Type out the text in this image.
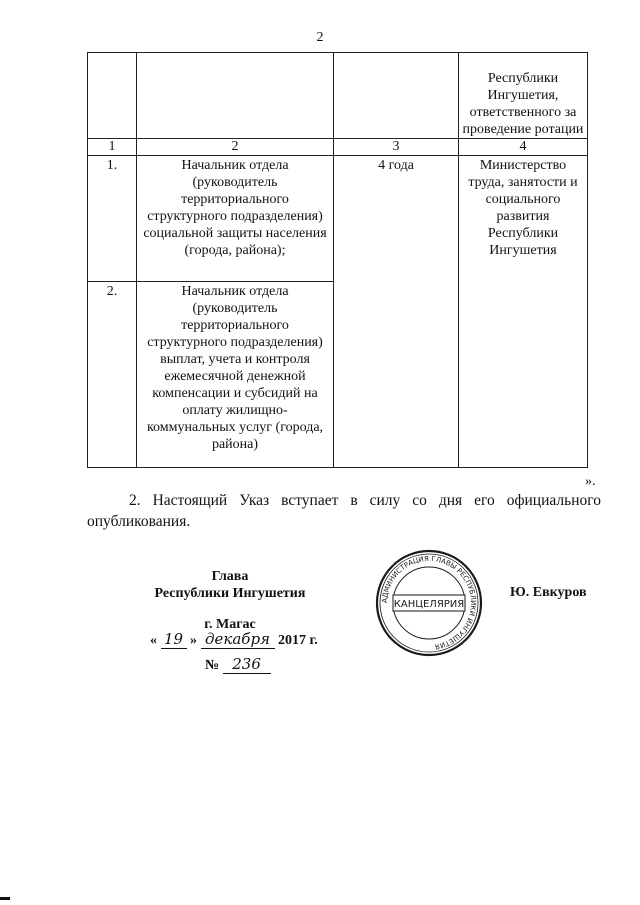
2
			Республики Ингушетия, ответственного за проведение ротации
1	2	3	4
1.	Начальник отдела (руководитель территориального структурного подразделения) социальной защиты населения (города, района);	4 года	Министерство труда, занятости и социального развития Республики Ингушетия
2.	Начальник отдела (руководитель территориального структурного подразделения) выплат, учета и контроля ежемесячной денежной компенсации и субсидий на оплату жилищно-коммунальных услуг (города, района)		
».
2. Настоящий Указ вступает в силу со дня его официального опубликования.
Глава
Республики Ингушетия
г. Магас
« 19 » декабря 2017 г.
№ 236
АДМИНИСТРАЦИЯ ГЛАВЫ РЕСПУБЛИКИ ИНГУШЕТИЯ
КАНЦЕЛЯРИЯ
Ю. Евкуров
